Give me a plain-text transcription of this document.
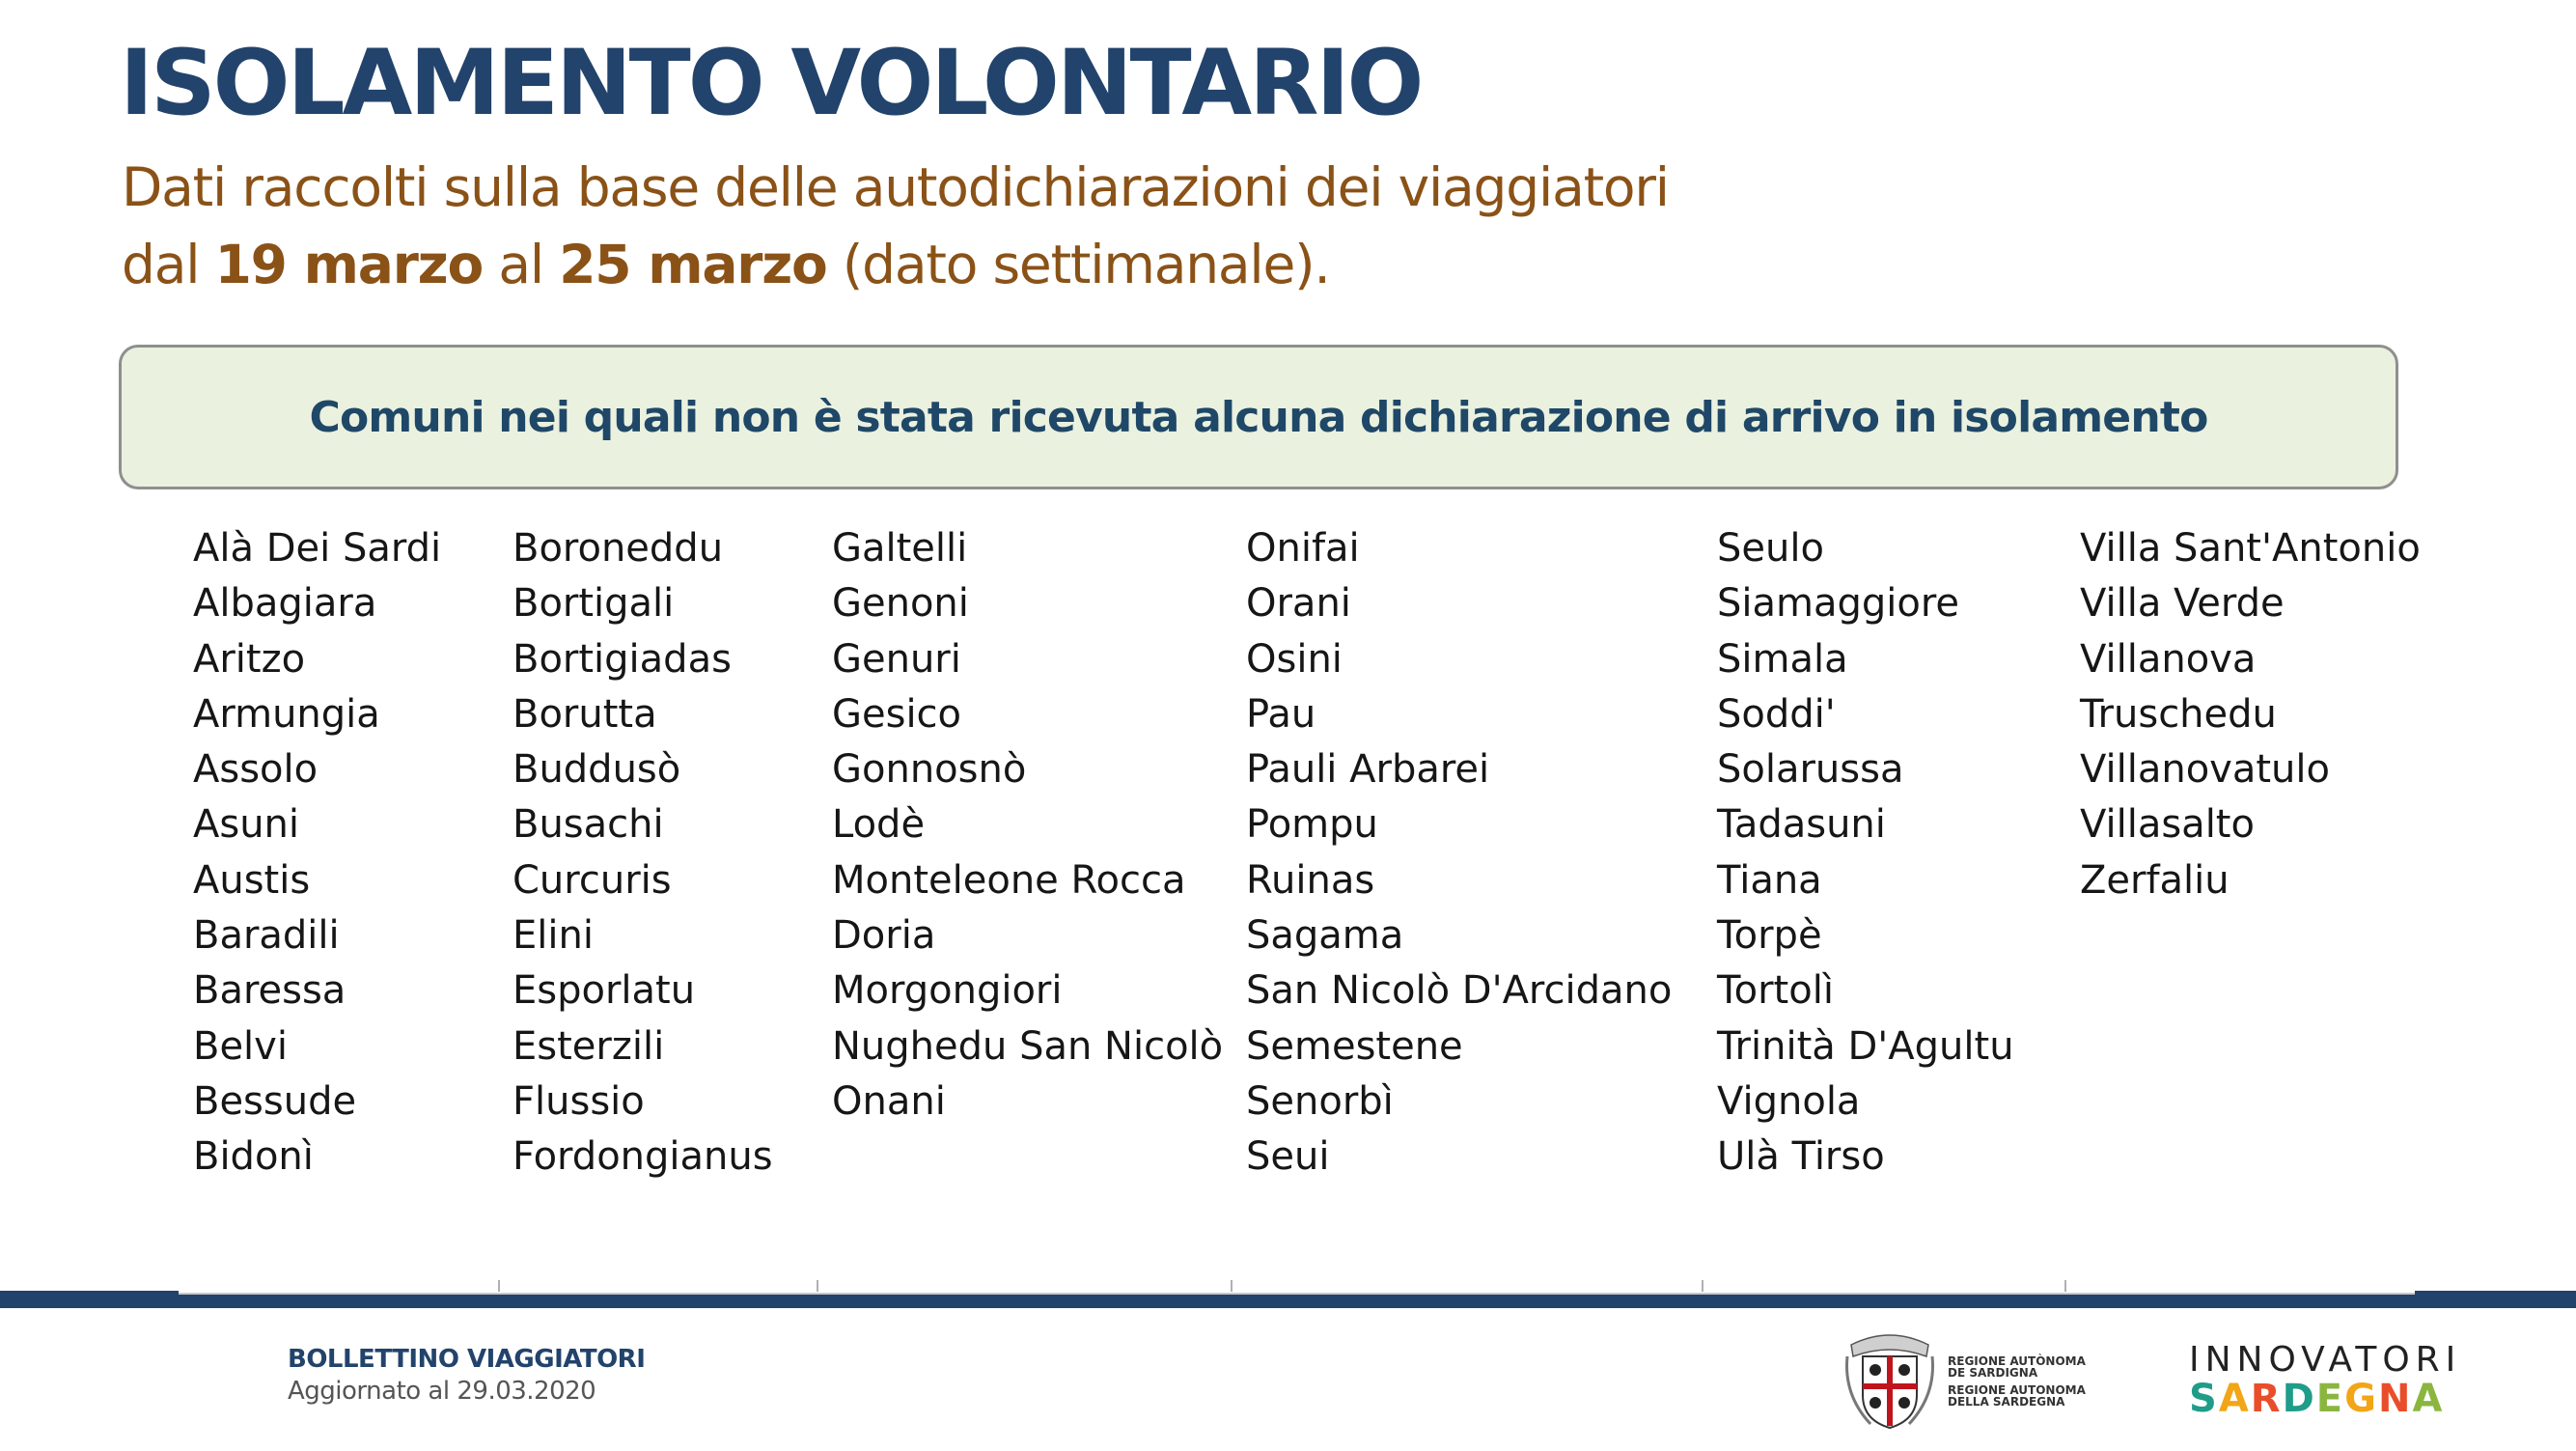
ISOLAMENTO VOLONTARIO
Dati raccolti sulla base delle autodichiarazioni dei viaggiatori
dal 19 marzo al 25 marzo (dato settimanale).
Comuni nei quali non è stata ricevuta alcuna dichiarazione di arrivo in isolamento
Alà Dei Sardi
Albagiara
Aritzo
Armungia
Assolo
Asuni
Austis
Baradili
Baressa
Belvi
Bessude
Bidonì
Boroneddu
Bortigali
Bortigiadas
Borutta
Buddusò
Busachi
Curcuris
Elini
Esporlatu
Esterzili
Flussio
Fordongianus
Galtelli
Genoni
Genuri
Gesico
Gonnosnò
Lodè
Monteleone Rocca
Doria
Morgongiori
Nughedu San Nicolò
Onani
Onifai
Orani
Osini
Pau
Pauli Arbarei
Pompu
Ruinas
Sagama
San Nicolò D'Arcidano
Semestene
Senorbì
Seui
Seulo
Siamaggiore
Simala
Soddi'
Solarussa
Tadasuni
Tiana
Torpè
Tortolì
Trinità D'Agultu
Vignola
Ulà Tirso
Villa Sant'Antonio
Villa Verde
Villanova
Truschedu
Villanovatulo
Villasalto
Zerfaliu
BOLLETTINO VIAGGIATORI
Aggiornato al 29.03.2020
REGIONE AUTÒNOMA
DE SARDIGNA
REGIONE AUTONOMA
DELLA SARDEGNA
INNOVATORI
SARDEGNA
